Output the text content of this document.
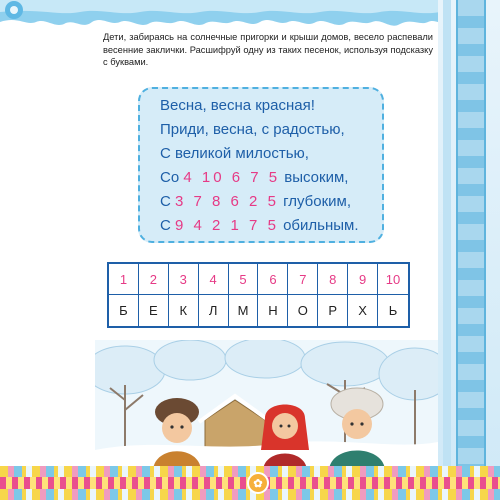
Дети, забираясь на солнечные пригорки и крыши домов, весело распевали весенние заклички. Расшифруй одну из таких песенок, используя подсказку с буквами.
Весна, весна красная!
Приди, весна, с радостью,
С великой милостью,
Со 4 10 6 7 5 высоким,
С 3 7 8 6 2 5 глубоким,
С 9 4 2 1 7 5 обильным.
1	2	3	4	5	6	7	8	9	10
Б	Е	К	Л	М	Н	О	Р	Х	Ь
✿
